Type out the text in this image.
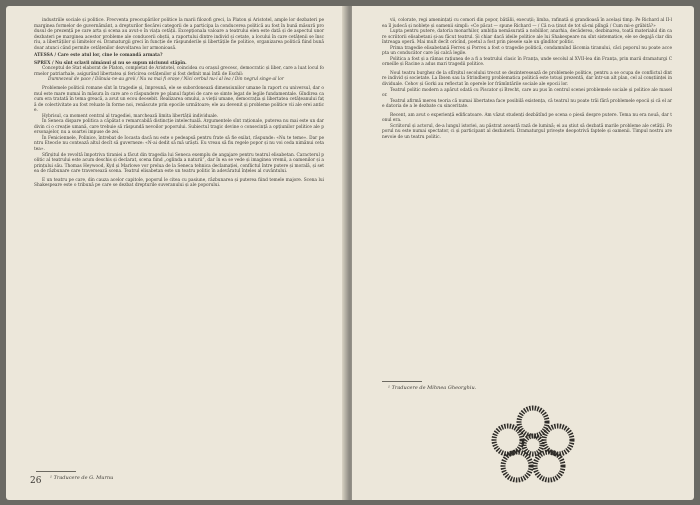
industriile sociale și politice. Frecventa preocupărilor politice la marii filozofi greci, la Platon și Aristotel, ample lor dezbateri pe marginea formelor de guvernământ, a drepturilor fiecărei categorii de a participa la conducerea politică au fost în bună măsură produsul de prezență pe care arta și scena au avut-o în viața cetății. Excepționala valoare a teatrului elen este dată și de aspectul unor dezbateri pe marginea acestor probleme ale conducerii obștii, a raportului dintre individ și cetate, a locului în care cetățenii se înscriu, a libertăților și limitelor ei. Dramaturgii greci în funcție de răspunderile și libertățile fie politice, organizarea politică fiind bună doar atunci când permite cetățenilor dezvoltarea lor armonioasă.

ATESSA / Care este atul lor, cine le comandă armata?

SPREX / Nu sînt sclavii nimănui și nu se supun niciunui stăpîn.

Conceptul de Stat elaborat de Platon, completat de Aristotel, coincidea cu orașul grecesc, democratic și liber, care a luat locul formelor patriarhale, asigurând libertatea și fericirea cetățenilor și fost definit mai întîi de Eschil:

Dumnezeul de pace / Dănuia-ne-au greii / Nu va mai fi orașe / Nici cerbul nu-i al lea / Din negrul singe-al lor

Problemele politicii romane sînt în tragedie și, împreună, ele se subordonează dimensiunilor umane în raport cu universul, dar omul este mare numai în măsura în care are o răspundere pe planul faptei de care se simte legat de legile fundamentale. Gîndirea ca cum era tratată în tema greacă, a avut un ecou deosebit. Realizarea omului, a vieții umane, democrația și libertatea cetățeanului față de colectivitate au fost reluate în forme noi, renăscute prin epocile următoare; ele au devenit și probleme politice vii ale erei antice.

Hybrisul, ca moment central al tragediei, marchează limita libertății individuale.

În Seneca dispare politica a căpătat o remarcabilă distincție intelectuală. Argumentele sînt raționale, puterea nu mai este un dar divin ci o creație umană, care trebuie să răspundă nevoilor poporului. Subiectul tragic devine o consecință a opțiunilor politice ale personajelor, nu a soartei impuse de zei.

În Feniciennele, Polinice, întrebat de Iocasta dacă nu este o pedeapsă pentru frate să fie exilat, răspunde: «Nu te teme». Dar pentru Eteocle nu contează altul decît să guverneze: «N-ai dedit să mă urăști. Eu vreau să fiu regele popor și nu voi ceda nimănui cetatea».

Sfîrșitul de revoltă împotriva tiraniei a făcut din tragedia lui Seneca exemplu de angajare pentru teatrul elisabetan. Caracterul politic al teatrului este acum deschis și declarat, scena fiind „oglinda a naturii”, dar în ea se vede și imaginea vremii, a oamenilor și a prințului său. Thomas Heywood, Kyd și Marlowe vor prelua de la Seneca tehnica declamației, conflictul între putere și morală, și setea de răzbunare care traversează scena. Teatrul elisabetan este un teatru politic în adevăratul înțeles al cuvântului.

E un teatru pe care, din cauza acelor capitole, poporul le citea cu pasiune, răzbunarea și puterea fiind temele majore. Scena lui Shakespeare este o tribună pe care se dezbat drepturile suveranului și ale poporului.

¹ Traducere de G. Murnu
26

vii, colorate, regi amenințați cu comori din popor, bătălii, execuții; limba, rafinată și grandioasă în același timp. Pe Richard al II-lea îl judecă și noblețe și oamenii simpli: «Ce păcat — spune Richard — / Că n-a ținut de tot să-mi plîngă / Cum mi-e grăbită?»

Lupta pentru putere, datoria monarhilor, ambiția nemăsurată a nobililor, anarhia, decăderea, dezbinarea, toată materialul din care scriitorii elisabetani și-au făcut teatrul. Și chiar dacă ideile politice ale lui Shakespeare nu sînt sistematice, ele se degajă clar din întreaga operă. Mai mult decît oricînd, poetul a fost prin piesele sale un gînditor politic.

Prima tragedie elisabetană Ferrex și Porrex a fost o tragedie politică, condamnînd lăcomia tiranului, căci poporul nu poate accepta un conducător care își calcă legile.

Politica a fost și a rămas rațiunea de a fi a teatrului clasic în Franța, unde secolul al XVII-lea din Franța, prin marii dramaturgi Corneille și Racine a adus mari tragedii politice.

Noul teatru burghez de la sfîrșitul secolului trecut se dezinteresează de problemele politice, pentru a se ocupa de conflictul dintre individ și societate. La Ibsen sau la Strindberg problematica politică este totuși prezentă, dar într-un alt plan, cel al conștiinței individuale. Cehov și Gorki au reflectat în operele lor frămîntările sociale ale epocii lor.

Teatrul politic modern a apărut odată cu Piscator și Brecht, care au pus în centrul scenei problemele sociale și politice ale maselor.

Teatrul afirmă mereu teoria că numai libertatea face posibilă existența, că teatrul nu poate trăi fără problemele epocii și că el are datoria de a le dezbate cu sinceritate.

Recent, am avut o experiență edificatoare. Am văzut studenți dezbătînd pe scena o piesă despre putere. Tema nu era nouă, dar tonul era.

Scriitorul și actorul, de-a lungul istoriei, au păstrat această rază de lumină; ei au știut să dezbată marile probleme ale cetății. Poporul nu este numai spectator, ci și participant al dezbaterii. Dramaturgul privește deopotrivă faptele și oamenii. Timpul nostru are nevoie de un teatru politic.

¹ Traducere de Mihnea Gheorghiu.
